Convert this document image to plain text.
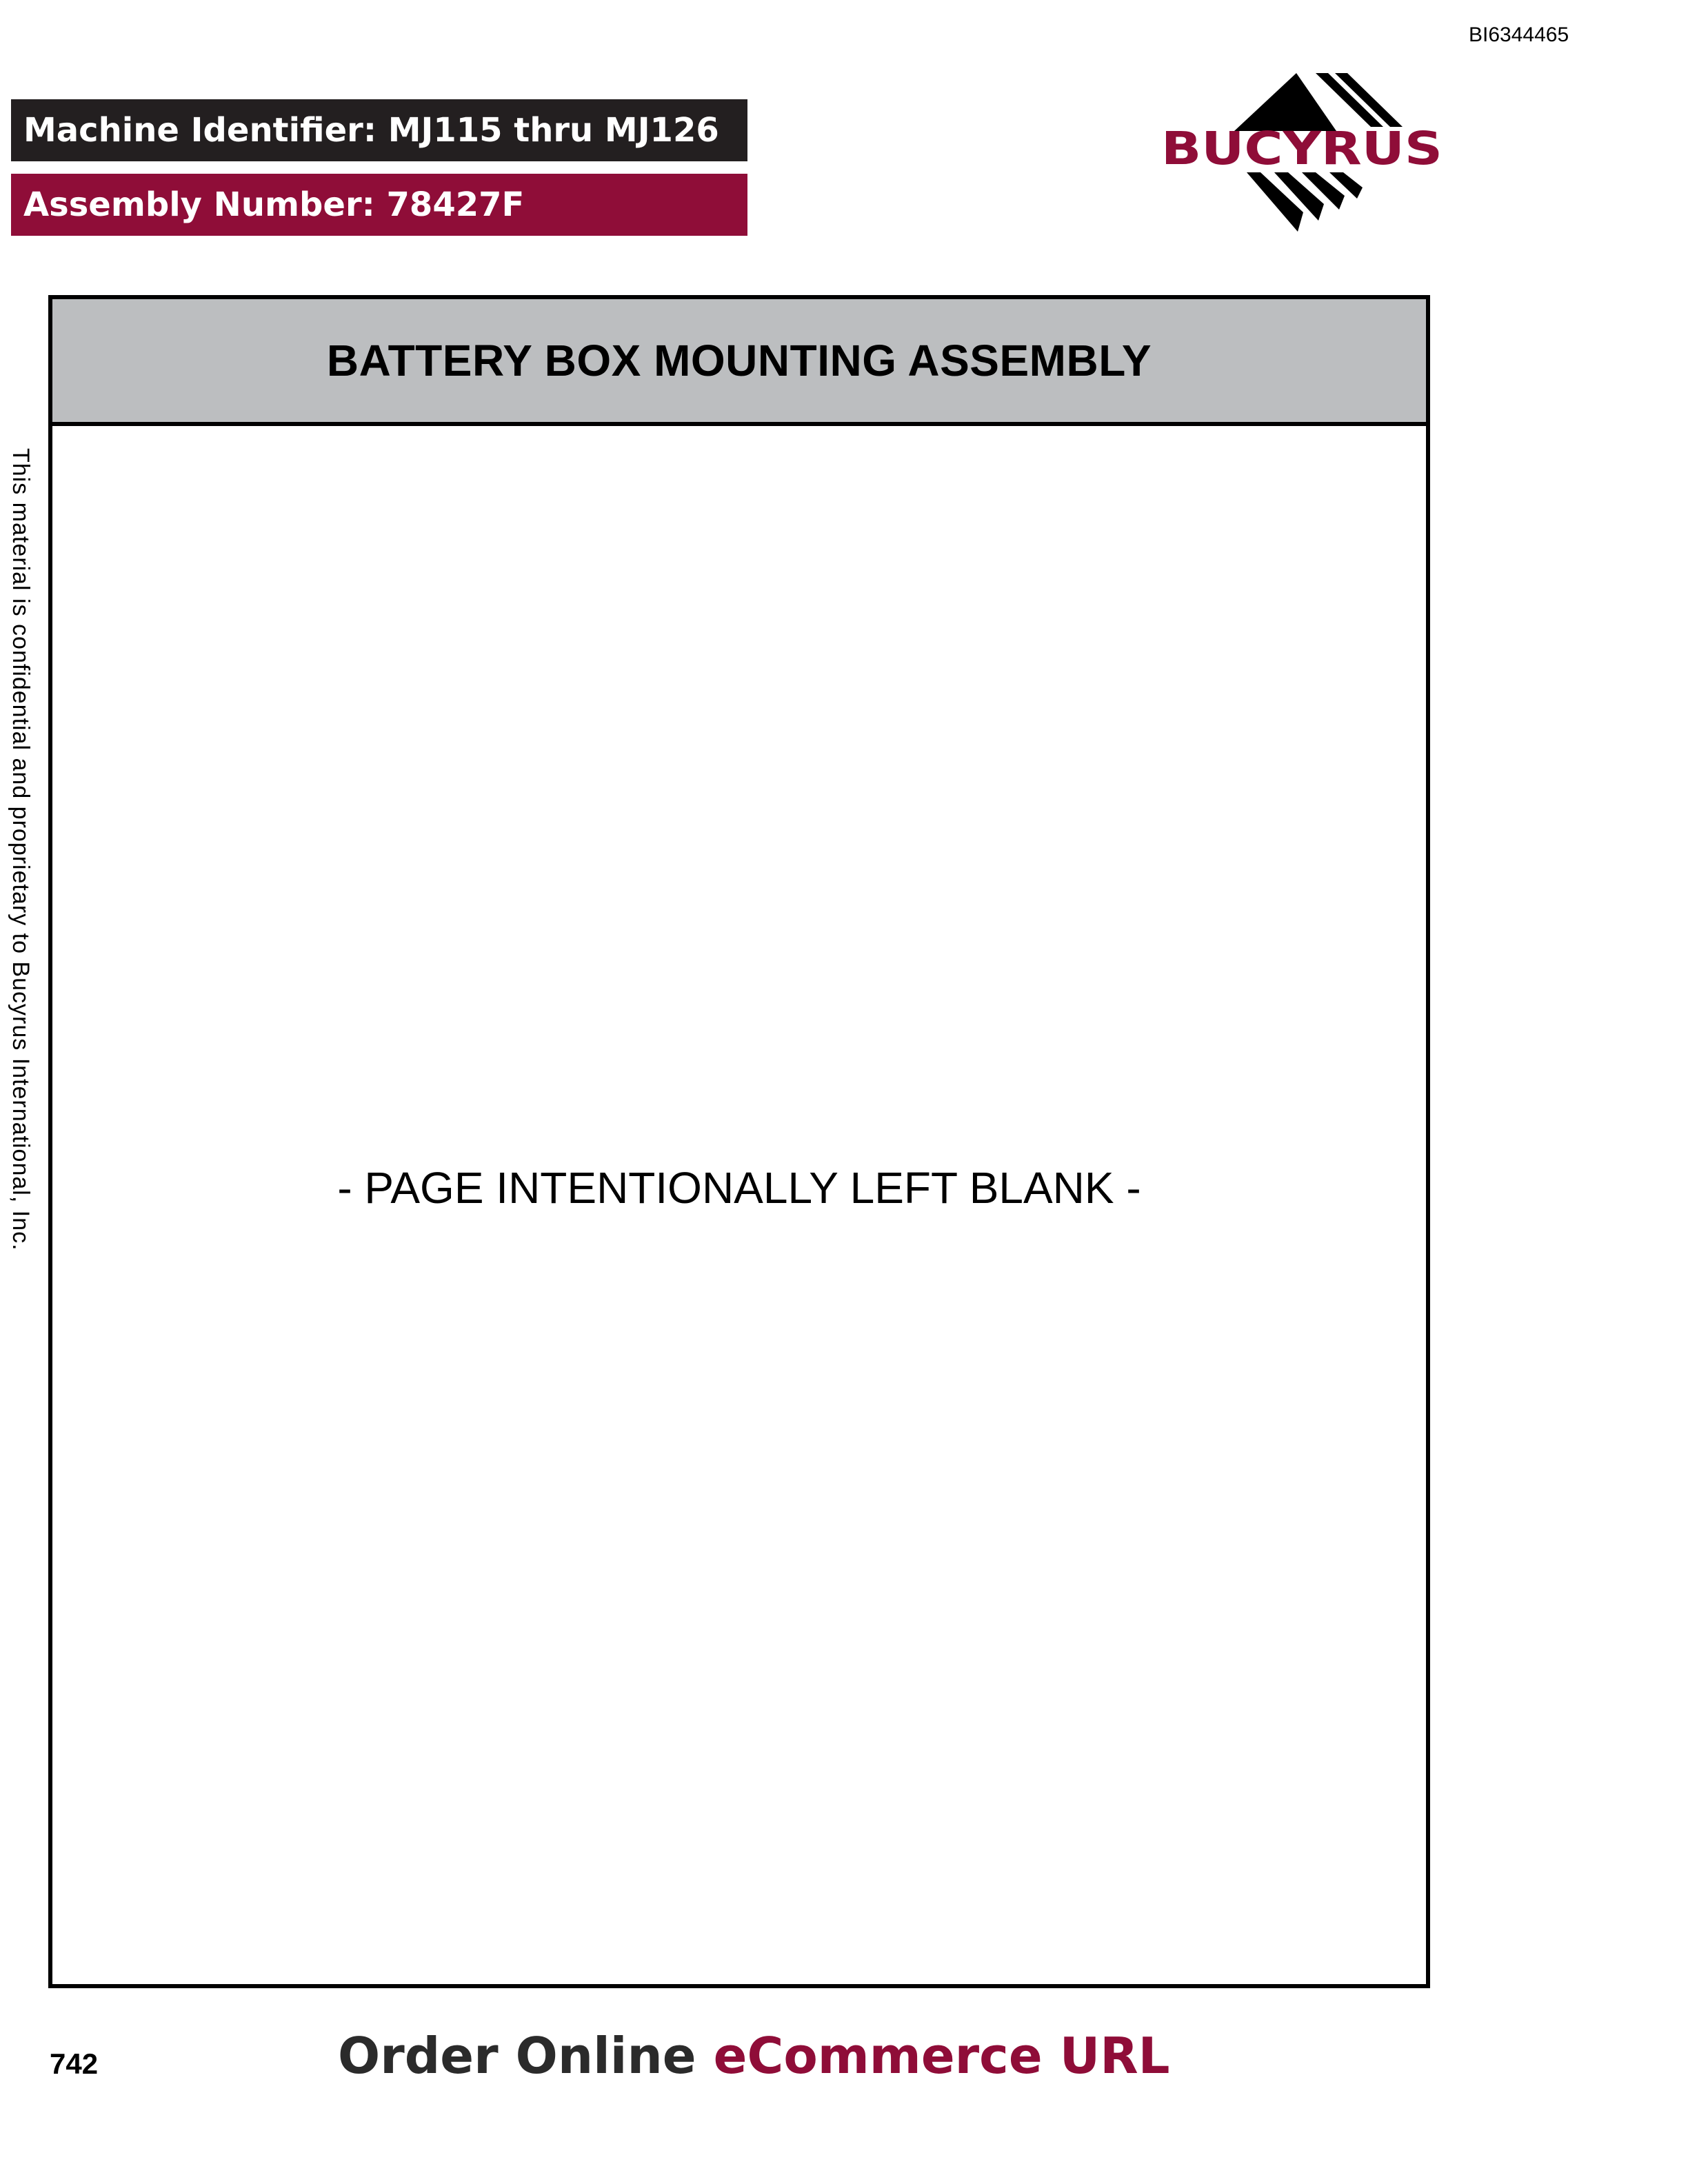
BI6344465
Machine Identifier: MJ115 thru MJ126
Assembly Number: 78427F
BUCYRUS
BATTERY BOX MOUNTING ASSEMBLY
- PAGE INTENTIONALLY LEFT BLANK -
This material is confidential and proprietary to Bucyrus International, Inc.
742	Order Online eCommerce URL
